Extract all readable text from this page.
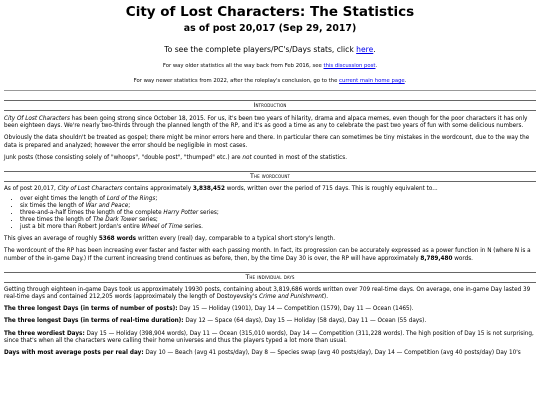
City of Lost Characters: The Statistics
as of post 20,017 (Sep 29, 2017)
To see the complete players/PC's/Days stats, click here.
For way older statistics all the way back from Feb 2016, see this discussion post.
For way newer statistics from 2022, after the roleplay's conclusion, go to the current main home page.
Introduction

City Of Lost Characters has been going strong since October 18, 2015. For us, it's been two years of hilarity, drama and alpaca memes, even though for the poor characters it has only been eighteen days. We're nearly two-thirds through the planned length of the RP, and it's as good a time as any to celebrate the past two years of fun with some delicious numbers.

Obviously the data shouldn't be treated as gospel; there might be minor errors here and there. In particular there can sometimes be tiny mistakes in the wordcount, due to the way the data is prepared and analyzed; however the error should be negligible in most cases.

Junk posts (those consisting solely of "whoops", "double post", "thumped" etc.) are not counted in most of the statistics.

The wordcount

As of post 20,017, City of Lost Characters contains approximately 3,838,452 words, written over the period of 715 days. This is roughly equivalent to...

• over eight times the length of Lord of the Rings;
• six times the length of War and Peace;
• three-and-a-half times the length of the complete Harry Potter series;
• three times the length of The Dark Tower series;
• just a bit more than Robert Jordan's entire Wheel of Time series.

This gives an average of roughly 5368 words written every (real) day, comparable to a typical short story's length.

The wordcount of the RP has been increasing ever faster and faster with each passing month. In fact, its progression can be accurately expressed as a power function in N (where N is a number of the in-game Day.) If the current increasing trend continues as before, then, by the time Day 30 is over, the RP will have approximately 8,789,480 words.

The individual days

Getting through eighteen in-game Days took us approximately 19930 posts, containing about 3,819,686 words written over 709 real-time days. On average, one in-game Day lasted 39 real-time days and contained 212,205 words (approximately the length of Dostoyevsky's Crime and Punishment).

The three longest Days (in terms of number of posts): Day 15 — Holiday (1901), Day 14 — Competition (1579), Day 11 — Ocean (1465).

The three longest Days (in terms of real-time duration): Day 12 — Space (64 days), Day 15 — Holiday (58 days), Day 11 — Ocean (55 days).

The three wordiest Days: Day 15 — Holiday (398,904 words), Day 11 — Ocean (315,010 words), Day 14 — Competition (311,228 words). The high position of Day 15 is not surprising, since that's when all the characters were calling their home universes and thus the players typed a lot more than usual.

Days with most average posts per real day: Day 10 — Beach (avg 41 posts/day), Day 8 — Species swap (avg 40 posts/day), Day 14 — Competition (avg 40 posts/day) Day 10's
